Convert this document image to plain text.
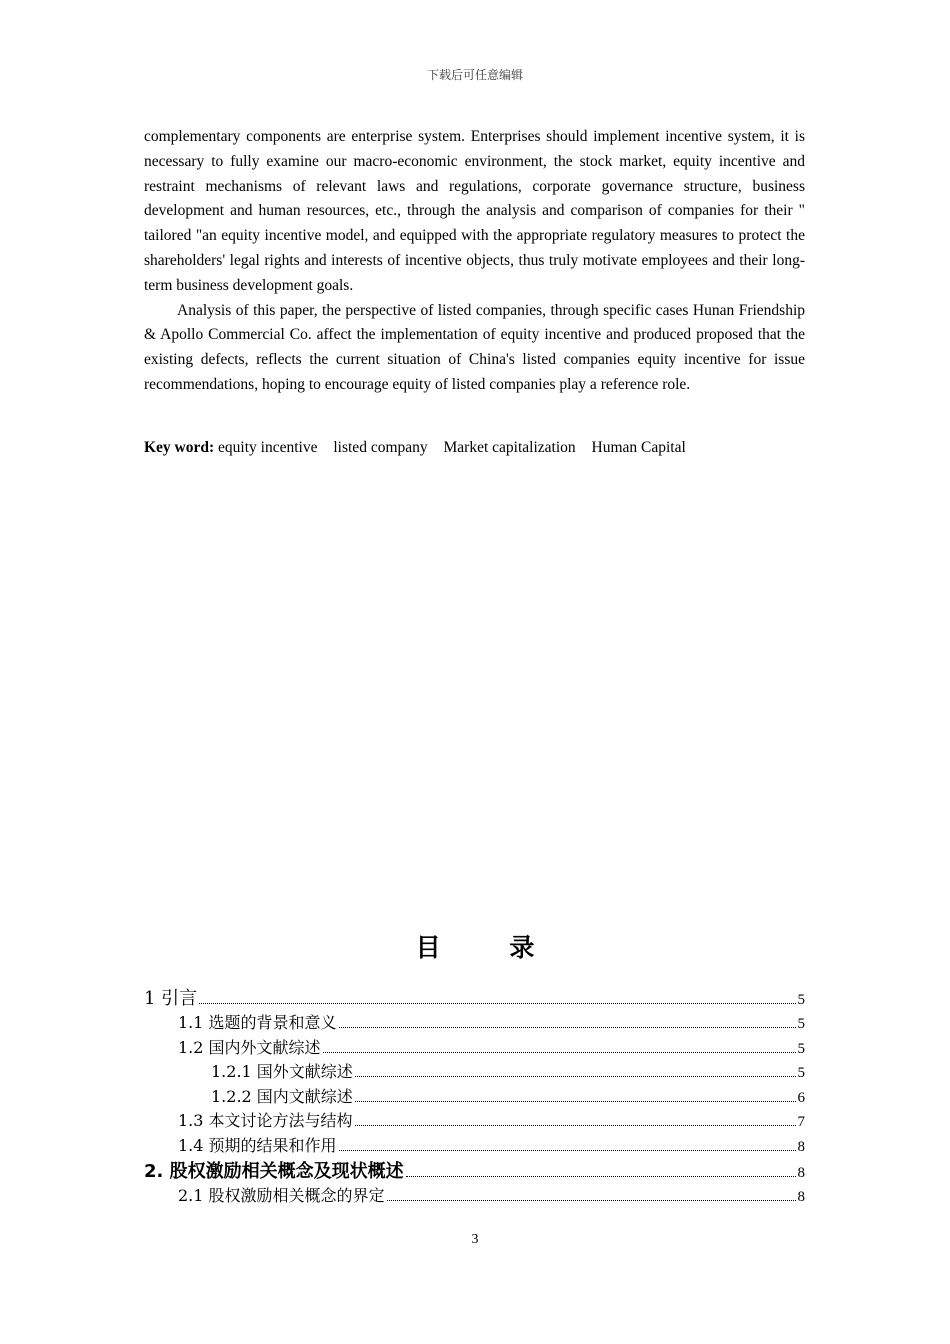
下载后可任意编辑

complementary components are enterprise system. Enterprises should implement incentive system, it is necessary to fully examine our macro-economic environment, the stock market, equity incentive and restraint mechanisms of relevant laws and regulations, corporate governance structure, business development and human resources, etc., through the analysis and comparison of companies for their " tailored "an equity incentive model, and equipped with the appropriate regulatory measures to protect the shareholders' legal rights and interests of incentive objects, thus truly motivate employees and their long-term business development goals.

Analysis of this paper, the perspective of listed companies, through specific cases Hunan Friendship & Apollo Commercial Co. affect the implementation of equity incentive and produced proposed that the existing defects, reflects the current situation of China's listed companies equity incentive for issue recommendations, hoping to encourage equity of listed companies play a reference role.

Key word: equity incentive listed company Market capitalization Human Capital
目 录
1 引言	5
1.1 选题的背景和意义	5
1.2 国内外文献综述	5
1.2.1 国外文献综述	5
1.2.2 国内文献综述	6
1.3 本文讨论方法与结构	7
1.4 预期的结果和作用	8
2. 股权激励相关概念及现状概述	8
2.1 股权激励相关概念的界定	8
3
